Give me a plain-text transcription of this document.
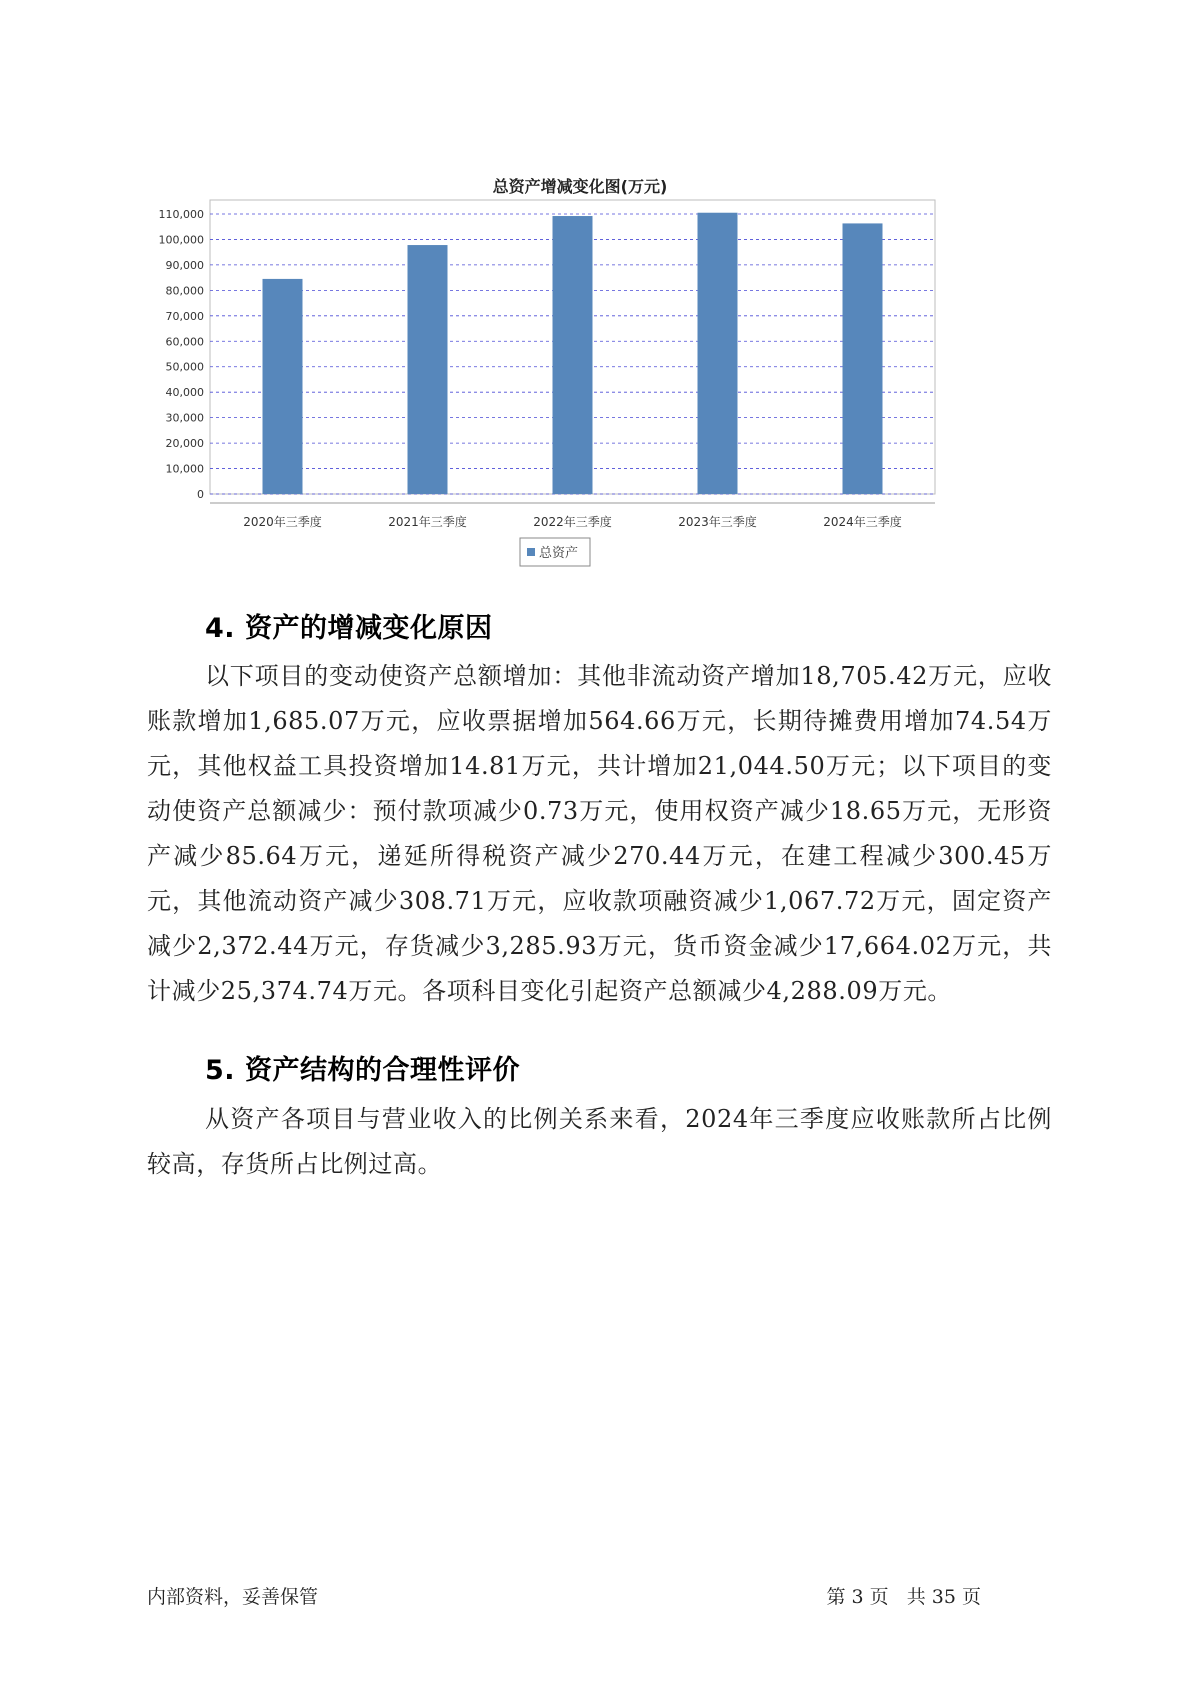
总资产增减变化图(万元)
0
10,000
20,000
30,000
40,000
50,000
60,000
70,000
80,000
90,000
100,000
110,000
2020年三季度	2021年三季度	2022年三季度	2023年三季度	2024年三季度
总资产
4. 资产的增减变化原因

以下项目的变动使资产总额增加：其他非流动资产增加18,705.42万元，应收账款增加1,685.07万元，应收票据增加564.66万元，长期待摊费用增加74.54万元，其他权益工具投资增加14.81万元，共计增加21,044.50万元；以下项目的变动使资产总额减少：预付款项减少0.73万元，使用权资产减少18.65万元，无形资产减少85.64万元，递延所得税资产减少270.44万元，在建工程减少300.45万元，其他流动资产减少308.71万元，应收款项融资减少1,067.72万元，固定资产减少2,372.44万元，存货减少3,285.93万元，货币资金减少17,664.02万元，共计减少25,374.74万元。各项科目变化引起资产总额减少4,288.09万元。

5. 资产结构的合理性评价

从资产各项目与营业收入的比例关系来看，2024年三季度应收账款所占比例较高，存货所占比例过高。

内部资料，妥善保管	第 3 页   共 35 页
